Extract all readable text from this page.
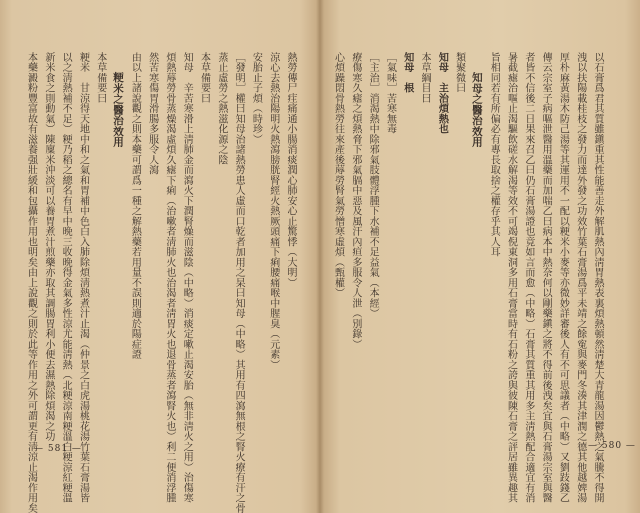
以石膏爲君其質雖鎭重其性能善走外解肌熱內淸胃熱表裏煩熱頓然淸楚大青龍湯因鬱熱之氣騰不得開

洩以扶陽載桂枝之發力而達外發之功效竹葉石膏湯爲平未靖之餘寃與麥門冬湊其津潤之德其他越婢湯

厚朴麻黃湯木防己湯等其運用不一配以粳米小麥等亦微妙詳審後人有不可思議者（中略）又劉跂錢乙

傳云宗室子病嘔泄醫用溫藥而加喘乙曰病本中熱奈何以剛藥鎭之將不得前後洩矣宜與石膏湯宗室與醫

者皆不信後二日果來召乙曰仍石膏湯證也竟如言而愈（中略）石膏其質重其用多主淸熱配合適宜有消

暑截瘧治嘔止渴驅飲磋水解渴等效不可竭倪東洞多用石膏當時有石粉之誇與彼陳石膏之評居雖異趣其

旨相同若有所偏必有專長取捨之權存乎其人耳

知母之醫治效用

類聚微曰

知母　主治煩熱也

本草綱目曰

知母　根

［氣味］苦寒無毒

［主治］消渴熱中除邪氣肢體浮腫下水補不足益氣（本經）

療傷寒久瘧之煩熱脅下邪氣膈中惡及風汗內疸多服令人泄（別錄）

心煩躁悶骨熱勞往來產後蓐勞腎氣勞憎寒虛煩（甄權）

熱勞傳尸疰痛通小腸消痰潤心肺安心止驚悸（大明）

涼心去熱治陽明火熱瀉膀胱腎經火熱厥頭痛下痢腰痛喉中腥臭（元素）

安胎止子煩（時珍）

［發明］權曰知母治諸熱勞患人虛而口乾者加用之杲曰知母（中略）其用有四瀉無根之腎火療有汗之骨

蒸止虛勞之熱滋化源之陰

本草備要曰

知母　辛苦寒滑上淸肺金而瀉火下潤腎燥而滋陰（中略）消痰定嗽止渴安胎（無非淸火之用）治傷寒

煩熱蓐勞骨蒸燥渴虛煩久瘧下痢（治嗽者淸肺火也治渴者淸胃火也退骨蒸者瀉腎火也）利二便消浮腫

然苦寒傷胃滑腸多服令人瀉

由以上諸說觀之則本藥可謂爲一種之解熱藥若用量不誤則適於陽症證

粳米之醫治效用

本草備要曰

粳米　甘涼得天地中和之氣和胃補中色白入肺除煩淸熱煮汁止渴（仲景之白虎湯桃花湯竹葉石膏湯皆

以之淸熱補不足）粳乃稻之總名有早中晩三收晩得金氣多性涼尤能淸熱（北粳涼南粳溫白粳涼紅粳溫

新米食之則動氣）陳廩米沖淡可以養胃煮汁煎藥亦取其調腸胃利小便去濕熱除煩渴之功

本藥澱粉豐富故有滋養强壯緩和包攝作用也明矣由上說觀之則於此等作用之外可謂更有淸涼止渴作用矣	— 580 —
— 581 —
